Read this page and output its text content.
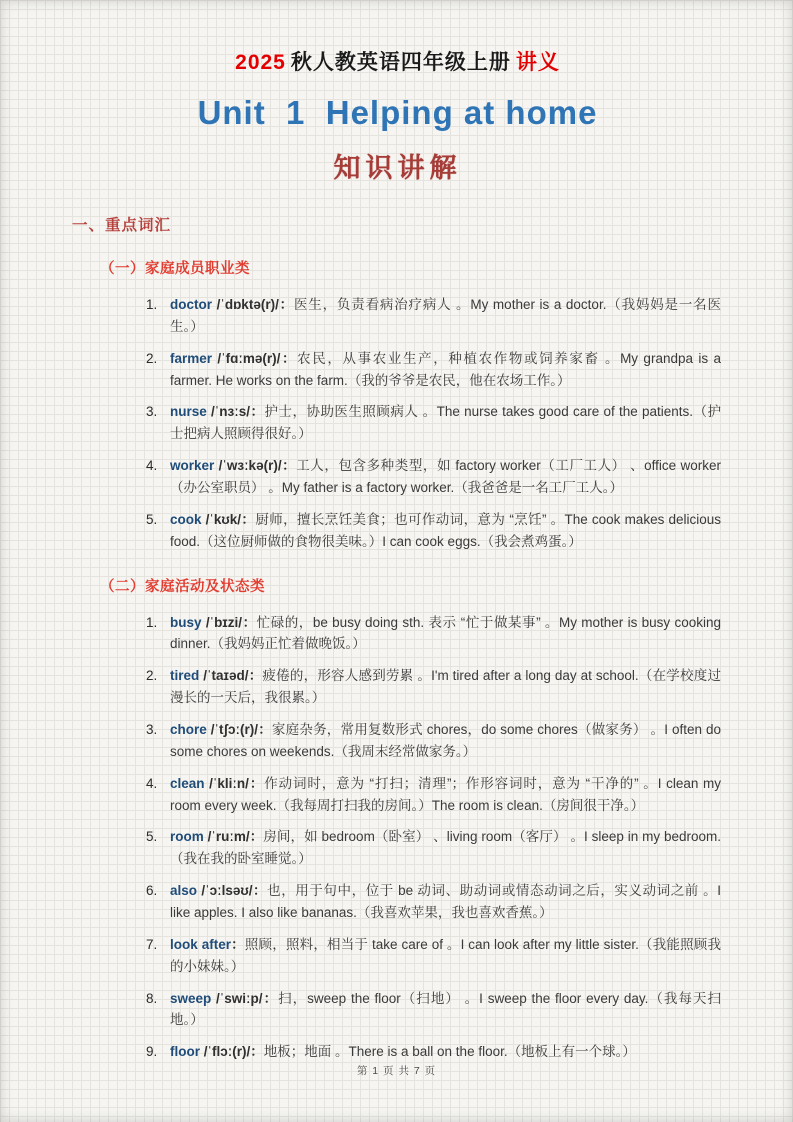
2025 秋人教英语四年级上册 讲义
Unit  1  Helping at home
知识讲解
一、重点词汇
（一）家庭成员职业类
1. doctor /ˈdɒktə(r)/：医生，负责看病治疗病人 。My mother is a doctor.（我妈妈是一名医生。）
2. farmer /ˈfɑːmə(r)/：农民，从事农业生产，种植农作物或饲养家畜 。My grandpa is a farmer. He works on the farm.（我的爷爷是农民，他在农场工作。）
3. nurse /ˈnɜːs/：护士，协助医生照顾病人 。The nurse takes good care of the patients.（护士把病人照顾得很好。）
4. worker /ˈwɜːkə(r)/：工人，包含多种类型，如 factory worker（工厂工人） 、office worker（办公室职员） 。My father is a factory worker.（我爸爸是一名工厂工人。）
5. cook /ˈkʊk/：厨师，擅长烹饪美食；也可作动词，意为 “烹饪” 。The cook makes delicious food.（这位厨师做的食物很美味。）I can cook eggs.（我会煮鸡蛋。）
（二）家庭活动及状态类
1. busy /ˈbɪzi/：忙碌的，be busy doing sth. 表示 “忙于做某事” 。My mother is busy cooking dinner.（我妈妈正忙着做晚饭。）
2. tired /ˈtaɪəd/：疲倦的，形容人感到劳累 。I'm tired after a long day at school.（在学校度过漫长的一天后，我很累。）
3. chore /ˈtʃɔː(r)/：家庭杂务，常用复数形式 chores，do some chores（做家务） 。I often do some chores on weekends.（我周末经常做家务。）
4. clean /ˈkliːn/：作动词时，意为 “打扫；清理”；作形容词时，意为 “干净的” 。I clean my room every week.（我每周打扫我的房间。）The room is clean.（房间很干净。）
5. room /ˈruːm/：房间，如 bedroom（卧室） 、living room（客厅） 。I sleep in my bedroom.（我在我的卧室睡觉。）
6. also /ˈɔːlsəʊ/：也，用于句中，位于 be 动词、助动词或情态动词之后，实义动词之前 。I like apples. I also like bananas.（我喜欢苹果，我也喜欢香蕉。）
7. look after：照顾，照料，相当于 take care of 。I can look after my little sister.（我能照顾我的小妹妹。）
8. sweep /ˈswiːp/：扫，sweep the floor（扫地） 。I sweep the floor every day.（我每天扫地。）
9. floor /ˈflɔː(r)/：地板；地面 。There is a ball on the floor.（地板上有一个球。）
第 1 页 共 7 页
